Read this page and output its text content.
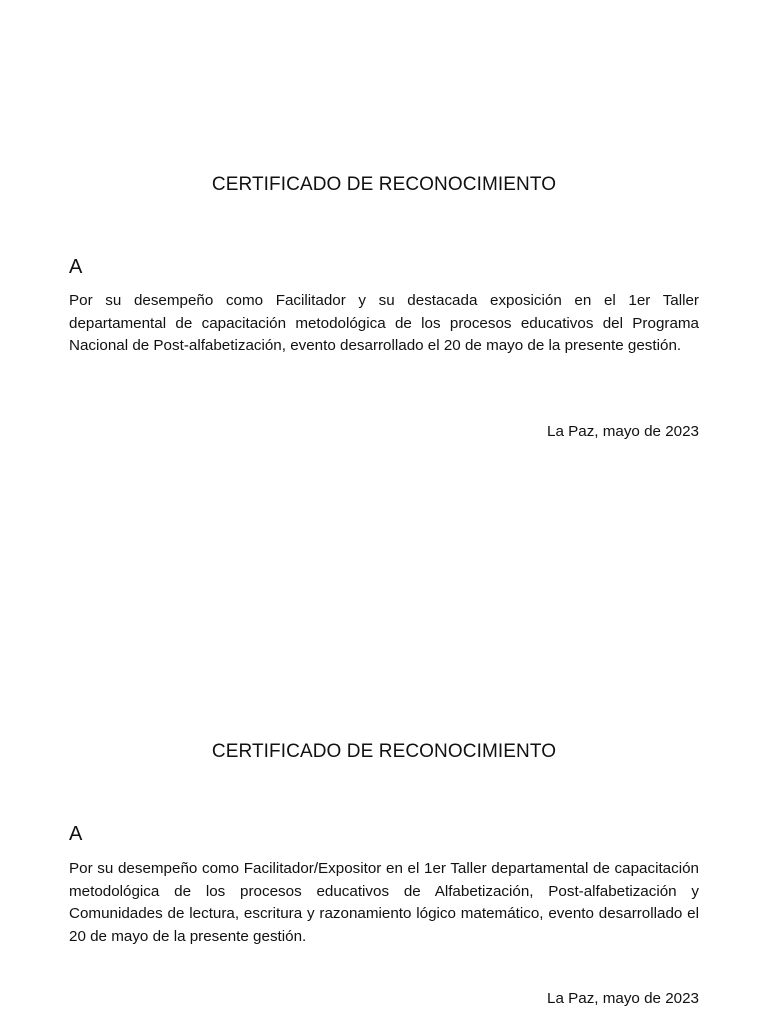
CERTIFICADO DE RECONOCIMIENTO
A

Por su desempeño como Facilitador y su destacada exposición en el 1er Taller departamental de capacitación metodológica de los procesos educativos del Programa Nacional de Post-alfabetización, evento desarrollado el 20 de mayo de la presente gestión.

La Paz, mayo de 2023
CERTIFICADO DE RECONOCIMIENTO
A

Por su desempeño como Facilitador/Expositor en el 1er Taller departamental de capacitación metodológica de los procesos educativos de Alfabetización, Post-alfabetización y Comunidades de lectura, escritura y razonamiento lógico matemático, evento desarrollado el 20 de mayo de la presente gestión.

La Paz, mayo de 2023
